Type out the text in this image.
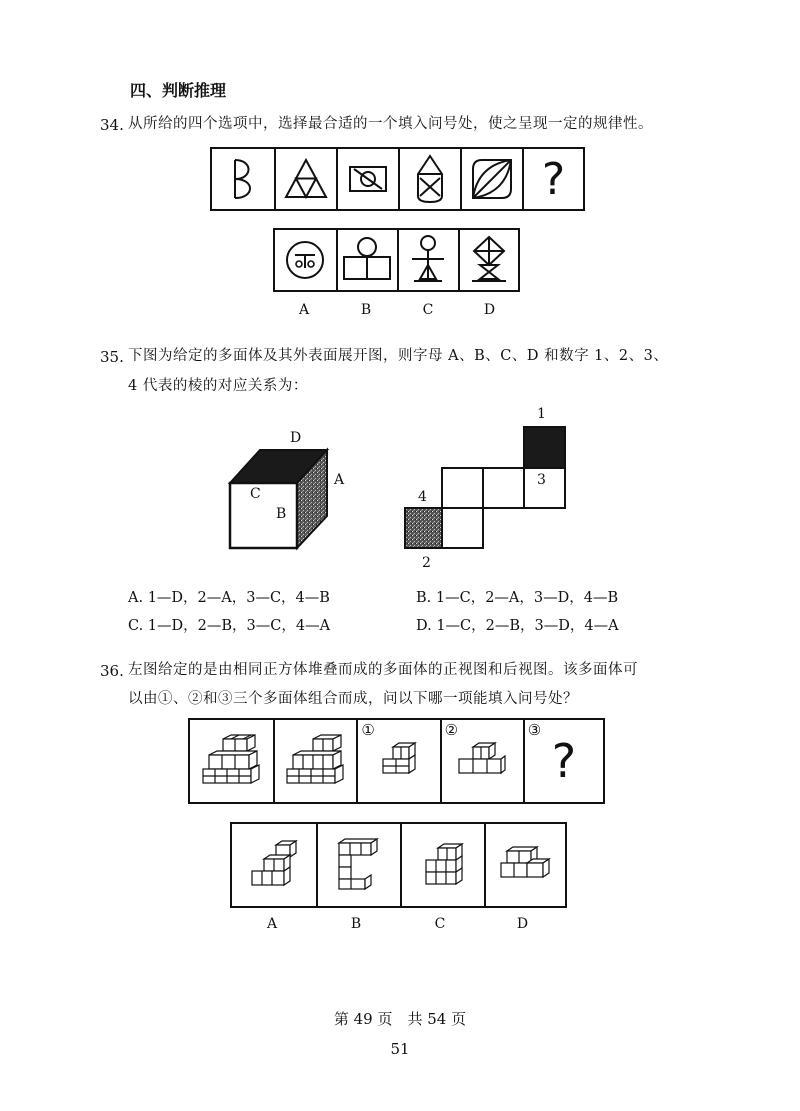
四、判断推理
34. 从所给的四个选项中，选择最合适的一个填入问号处，使之呈现一定的规律性。
?
A	B	C	D
35. 下图为给定的多面体及其外表面展开图，则字母 A、B、C、D 和数字 1、2、3、
4 代表的棱的对应关系为：
D
A
C
B
1
2
3
4
A. 1—D，2—A，3—C，4—B	B. 1—C，2—A，3—D，4—B
C. 1—D，2—B，3—C，4—A	D. 1—C，2—B，3—D，4—A
36. 左图给定的是由相同正方体堆叠而成的多面体的正视图和后视图。该多面体可
以由①、②和③三个多面体组合而成，问以下哪一项能填入问号处？
①	②	③
?
A	B	C	D
第 49 页　共 54 页
51
